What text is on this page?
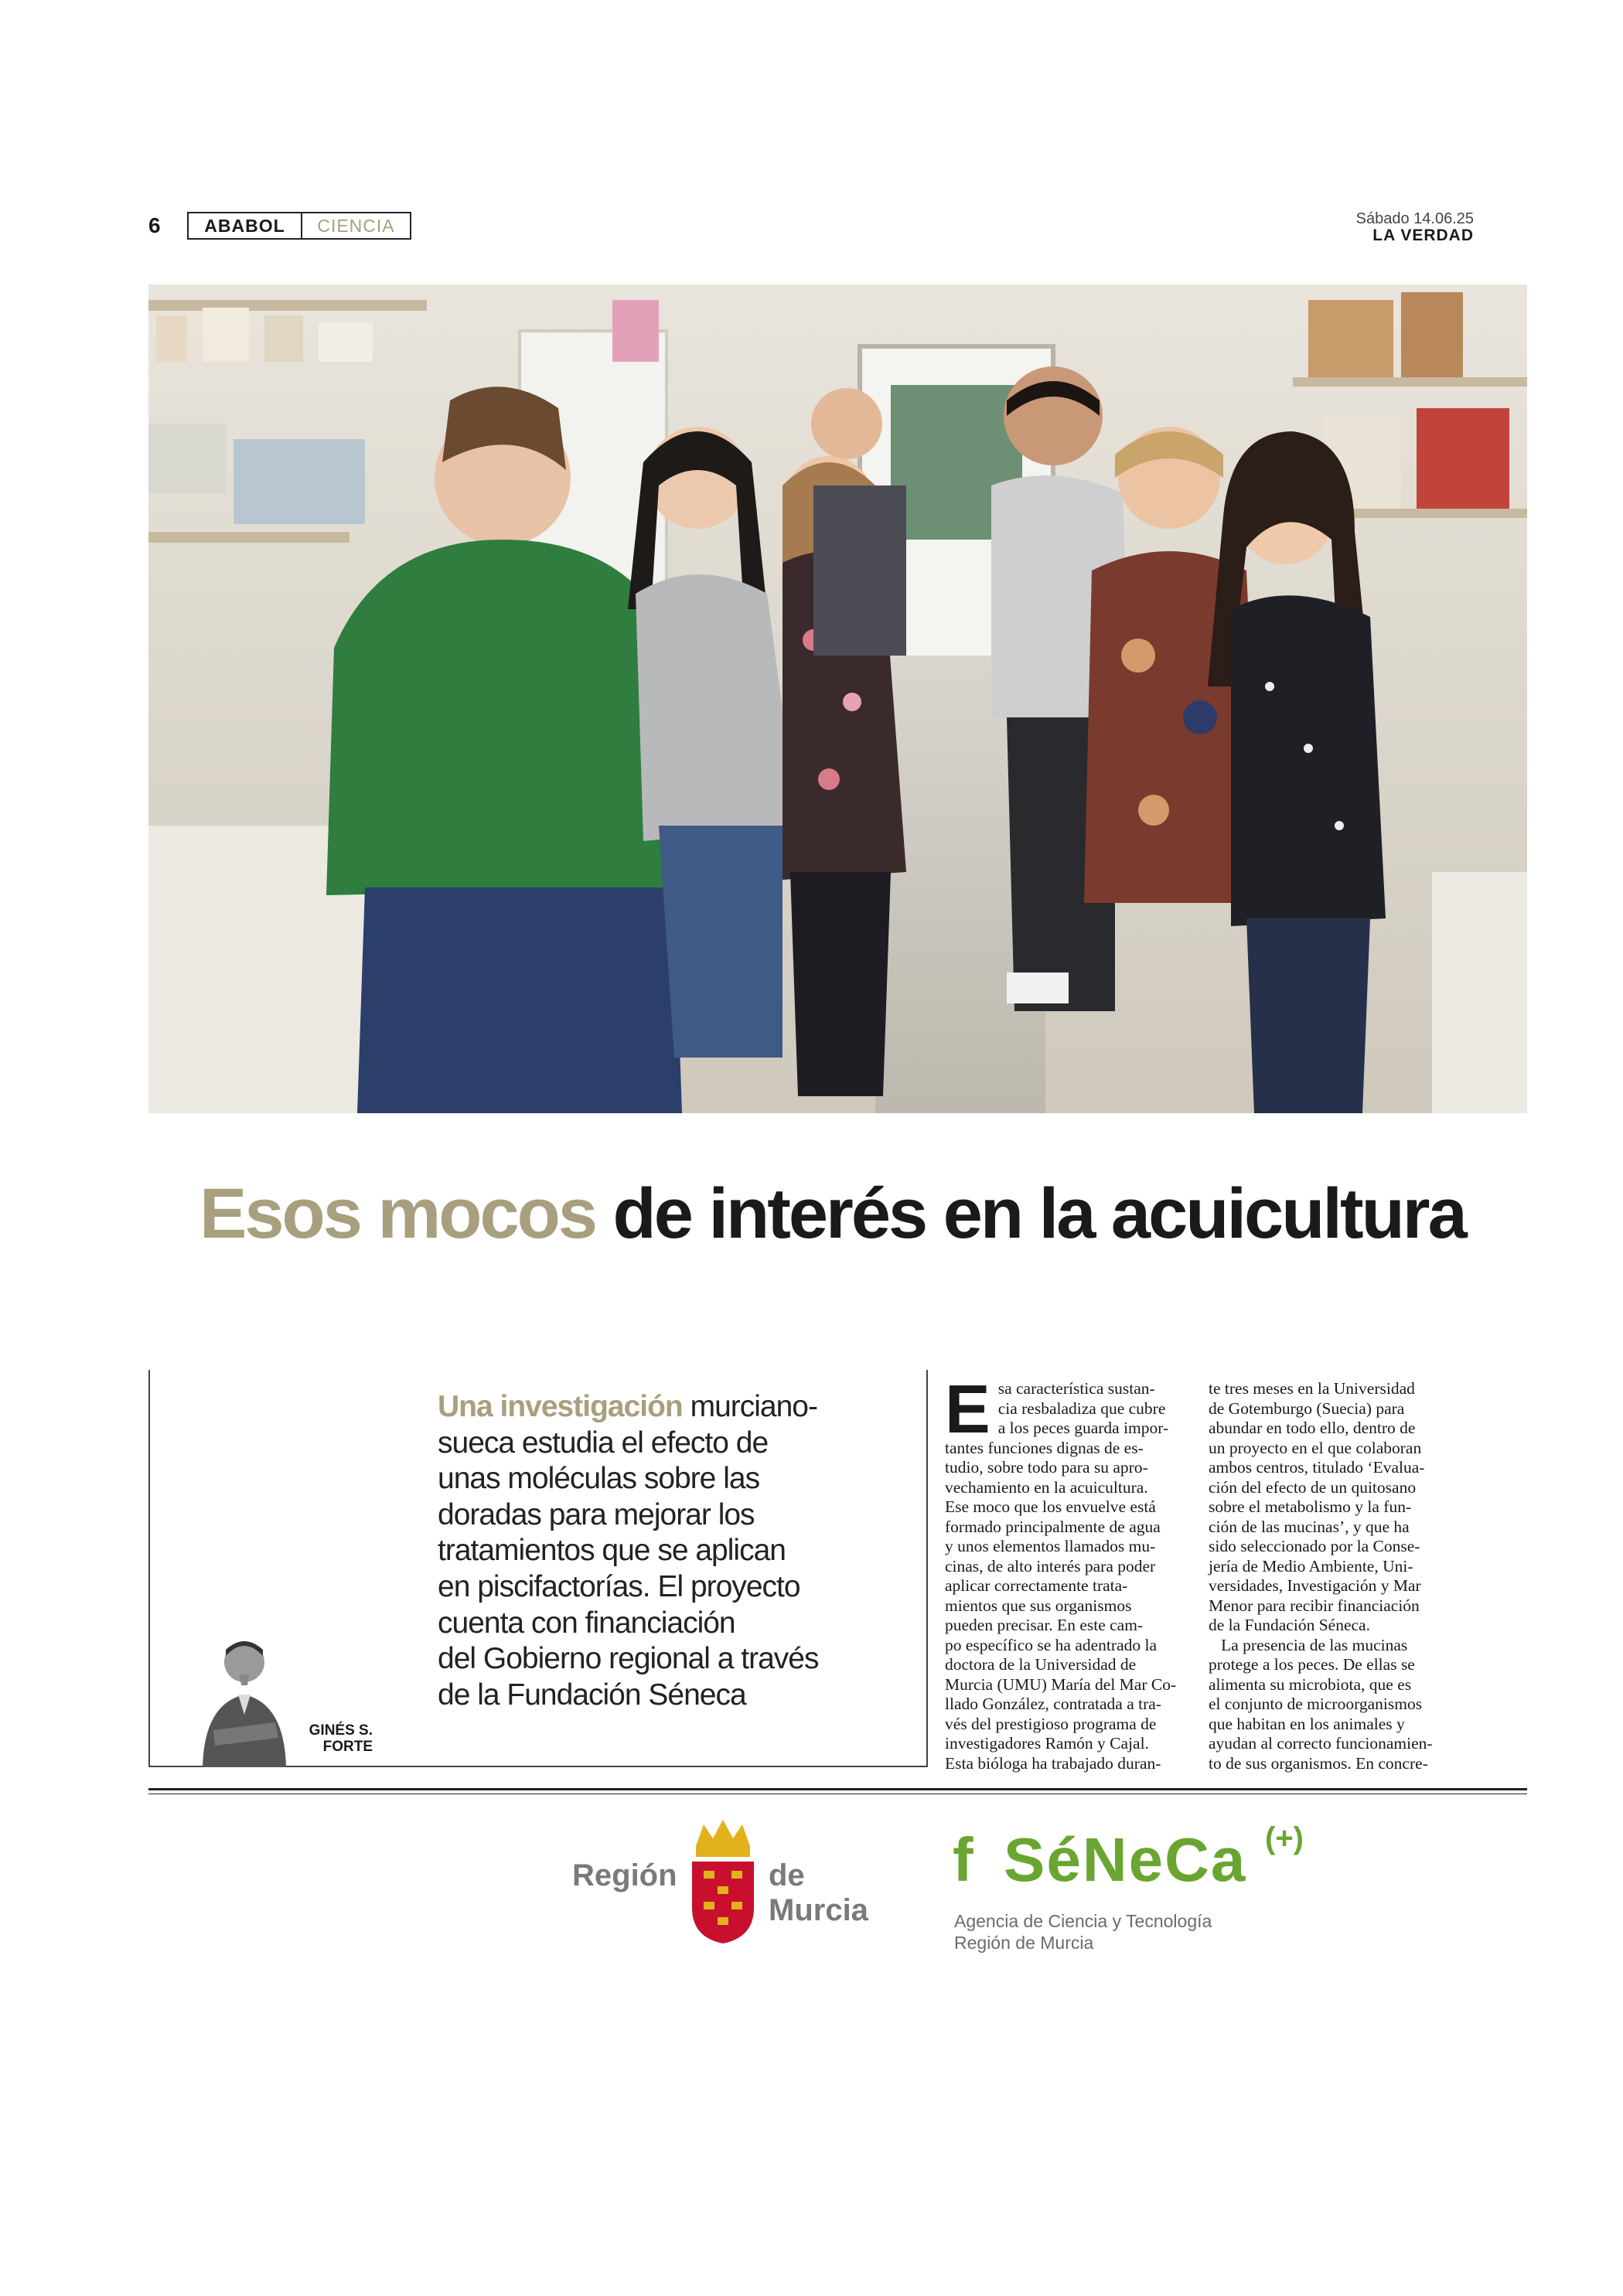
6	ABABOL	CIENCIA	Sábado 14.06.25
LA VERDAD
Esos mocos de interés en la acuicultura
Una investigación murciano-
sueca estudia el efecto de
unas moléculas sobre las
doradas para mejorar los
tratamientos que se aplican
en piscifactorías. El proyecto
cuenta con financiación
del Gobierno regional a través
de la Fundación Séneca
GINÉS S.
FORTE
E sa característica sustan-
cia resbaladiza que cubre
a los peces guarda impor-
tantes funciones dignas de es-
tudio, sobre todo para su apro-
vechamiento en la acuicultura.
Ese moco que los envuelve está
formado principalmente de agua
y unos elementos llamados mu-
cinas, de alto interés para poder
aplicar correctamente trata-
mientos que sus organismos
pueden precisar. En este cam-
po específico se ha adentrado la
doctora de la Universidad de
Murcia (UMU) María del Mar Co-
llado González, contratada a tra-
vés del prestigioso programa de
investigadores Ramón y Cajal.
Esta bióloga ha trabajado duran-
te tres meses en la Universidad
de Gotemburgo (Suecia) para
abundar en todo ello, dentro de
un proyecto en el que colaboran
ambos centros, titulado ‘Evalua-
ción del efecto de un quitosano
sobre el metabolismo y la fun-
ción de las mucinas’, y que ha
sido seleccionado por la Conse-
jería de Medio Ambiente, Uni-
versidades, Investigación y Mar
Menor para recibir financiación
de la Fundación Séneca.
La presencia de las mucinas
protege a los peces. De ellas se
alimenta su microbiota, que es
el conjunto de microorganismos
que habitan en los animales y
ayudan al correcto funcionamien-
to de sus organismos. En concre-
Región	de Murcia
f SéNeCa (+)
Agencia de Ciencia y Tecnología
Región de Murcia
